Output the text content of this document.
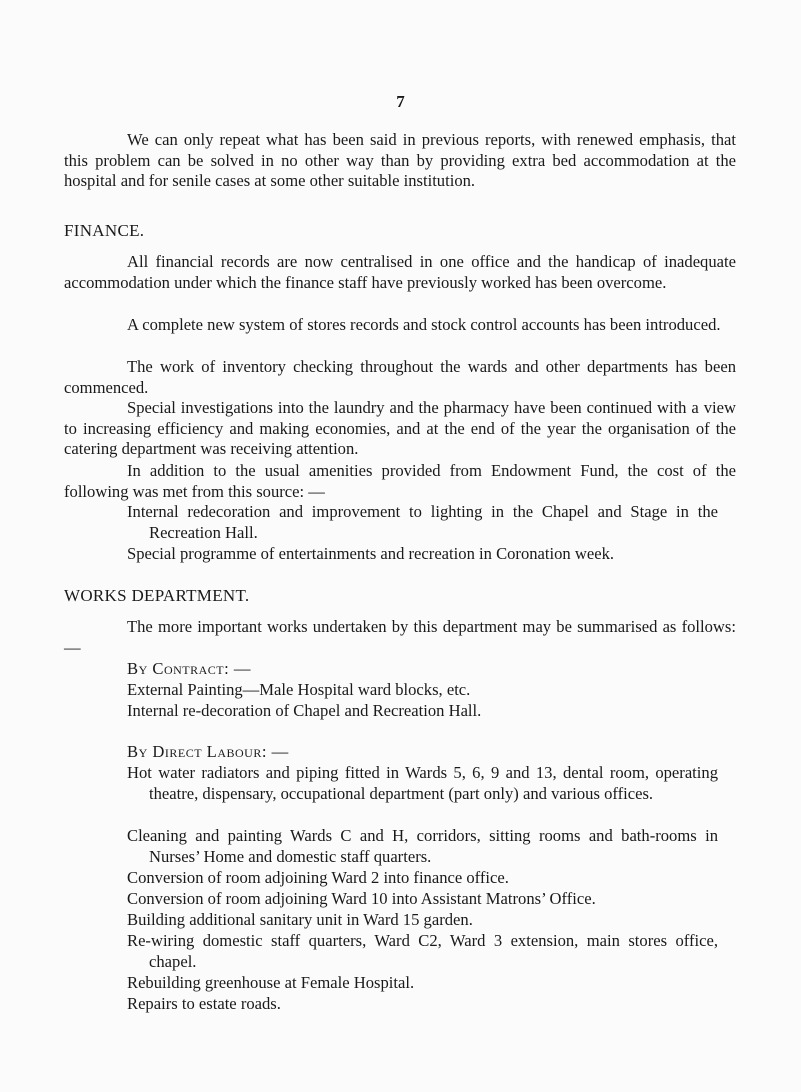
7

We can only repeat what has been said in previous reports, with renewed emphasis, that this problem can be solved in no other way than by providing extra bed accommodation at the hospital and for senile cases at some other suitable institution.

FINANCE.

All financial records are now centralised in one office and the handicap of inadequate accommodation under which the finance staff have previously worked has been overcome.

A complete new system of stores records and stock control accounts has been introduced.

The work of inventory checking throughout the wards and other departments has been commenced.

Special investigations into the laundry and the pharmacy have been continued with a view to increasing efficiency and making economies, and at the end of the year the organisation of the catering department was receiving attention.

In addition to the usual amenities provided from Endowment Fund, the cost of the following was met from this source: —

Internal redecoration and improvement to lighting in the Chapel and Stage in the Recreation Hall.
Special programme of entertainments and recreation in Coronation week.
WORKS DEPARTMENT.

The more important works undertaken by this department may be summarised as follows: —

By Contract: —
External Painting—Male Hospital ward blocks, etc.
Internal re-decoration of Chapel and Recreation Hall.
By Direct Labour: —
Hot water radiators and piping fitted in Wards 5, 6, 9 and 13, dental room, operating theatre, dispensary, occupational department (part only) and various offices.
Cleaning and painting Wards C and H, corridors, sitting rooms and bath-rooms in Nurses’ Home and domestic staff quarters.
Conversion of room adjoining Ward 2 into finance office.
Conversion of room adjoining Ward 10 into Assistant Matrons’ Office.
Building additional sanitary unit in Ward 15 garden.
Re-wiring domestic staff quarters, Ward C2, Ward 3 extension, main stores office, chapel.
Rebuilding greenhouse at Female Hospital.
Repairs to estate roads.
